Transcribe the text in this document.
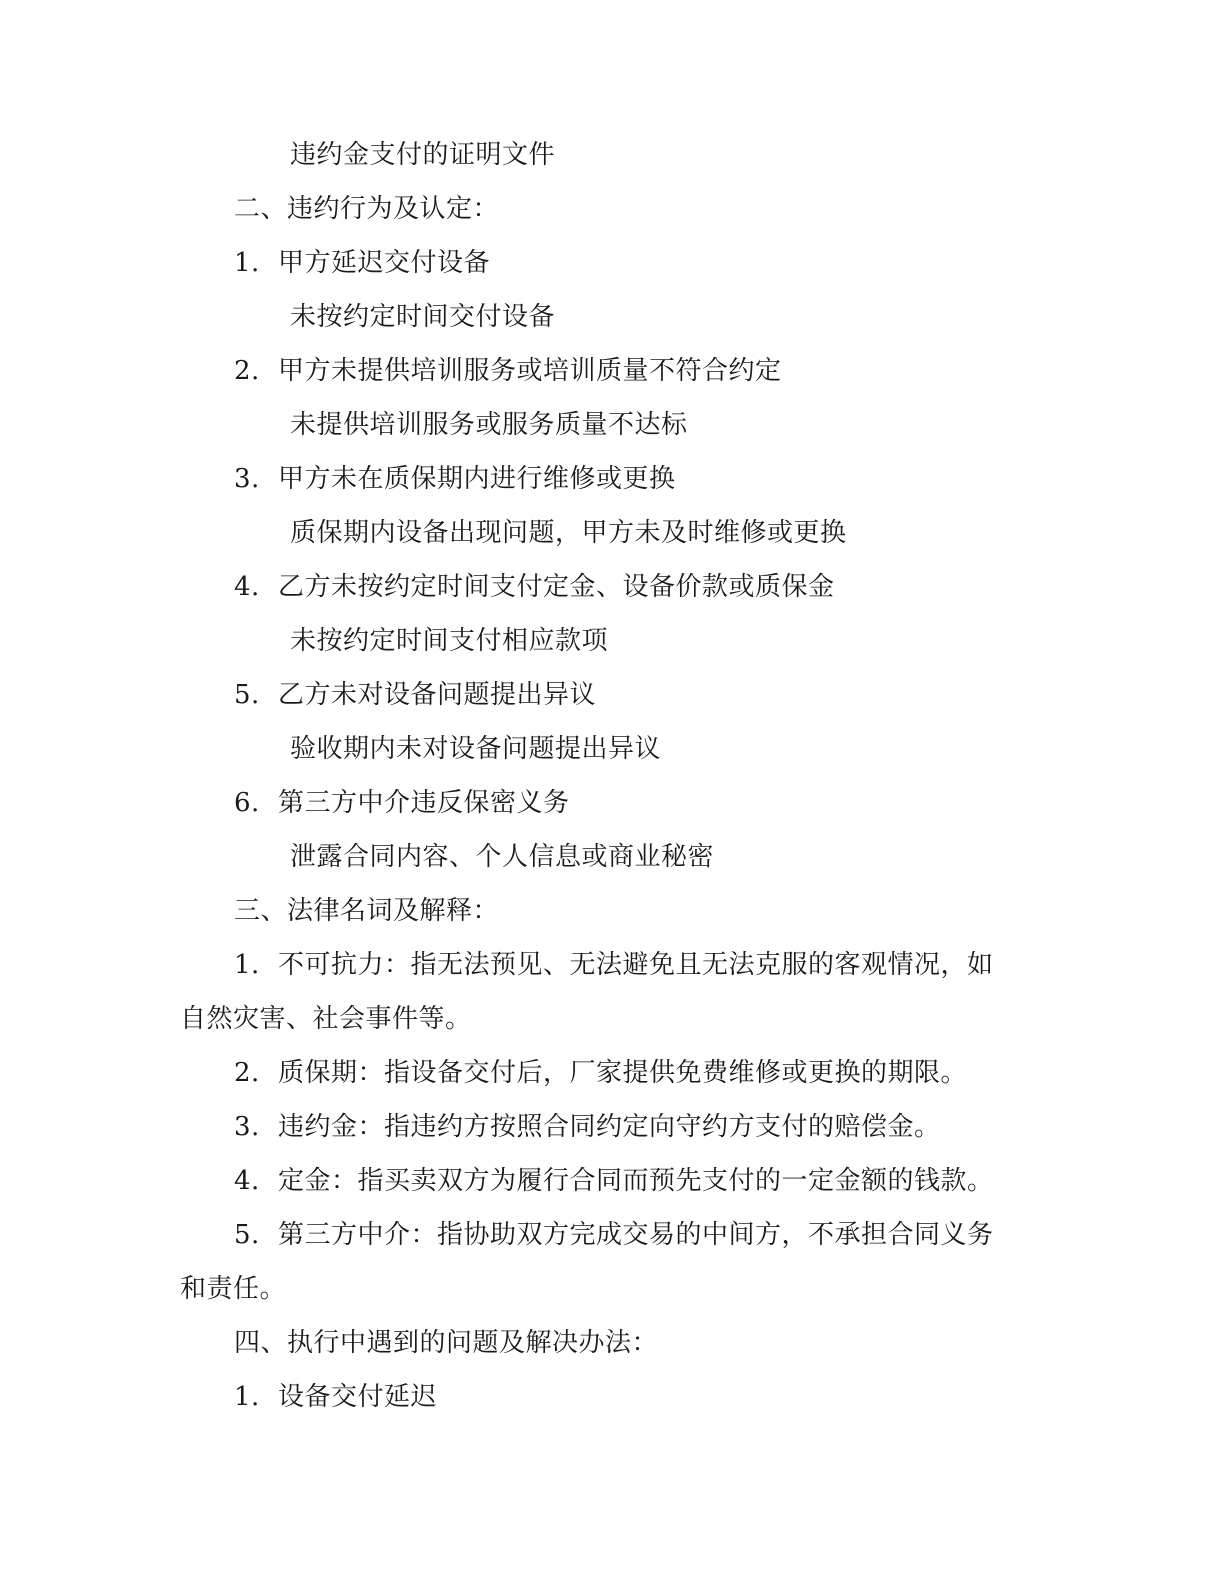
违约金支付的证明文件
二、违约行为及认定：
1. 甲方延迟交付设备
未按约定时间交付设备
2. 甲方未提供培训服务或培训质量不符合约定
未提供培训服务或服务质量不达标
3. 甲方未在质保期内进行维修或更换
质保期内设备出现问题，甲方未及时维修或更换
4. 乙方未按约定时间支付定金、设备价款或质保金
未按约定时间支付相应款项
5. 乙方未对设备问题提出异议
验收期内未对设备问题提出异议
6. 第三方中介违反保密义务
泄露合同内容、个人信息或商业秘密
三、法律名词及解释：
1. 不可抗力：指无法预见、无法避免且无法克服的客观情况，如
自然灾害、社会事件等。
2. 质保期：指设备交付后，厂家提供免费维修或更换的期限。
3. 违约金：指违约方按照合同约定向守约方支付的赔偿金。
4. 定金：指买卖双方为履行合同而预先支付的一定金额的钱款。
5. 第三方中介：指协助双方完成交易的中间方，不承担合同义务
和责任。
四、执行中遇到的问题及解决办法：
1. 设备交付延迟
